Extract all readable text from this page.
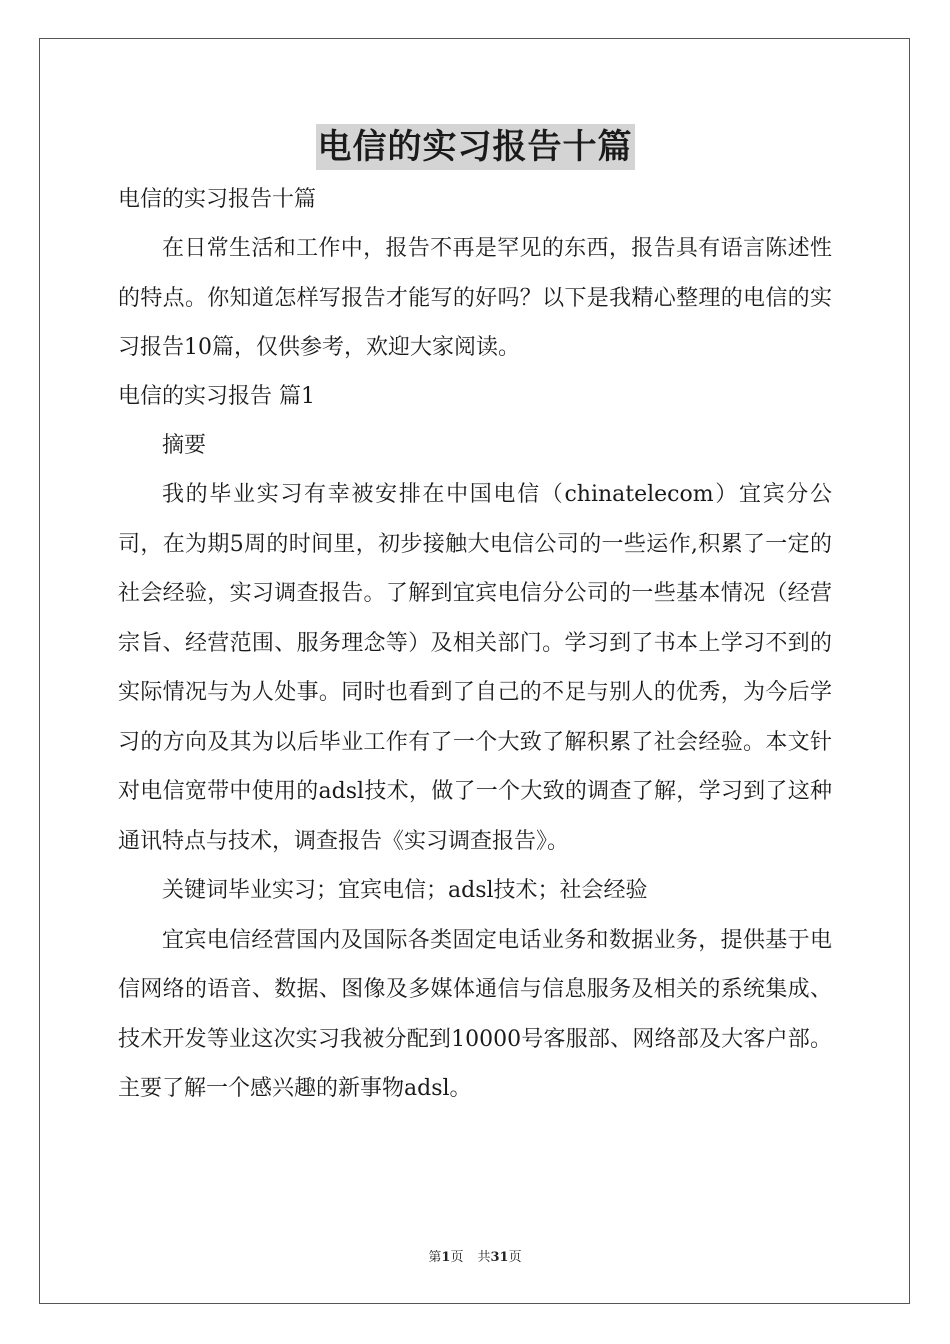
电信的实习报告十篇

电信的实习报告十篇

在日常生活和工作中，报告不再是罕见的东西，报告具有语言陈述性的特点。你知道怎样写报告才能写的好吗？以下是我精心整理的电信的实习报告10篇，仅供参考，欢迎大家阅读。

电信的实习报告 篇1

摘要

我的毕业实习有幸被安排在中国电信（chinatelecom）宜宾分公司，在为期5周的时间里，初步接触大电信公司的一些运作,积累了一定的社会经验，实习调查报告。了解到宜宾电信分公司的一些基本情况（经营宗旨、经营范围、服务理念等）及相关部门。学习到了书本上学习不到的实际情况与为人处事。同时也看到了自己的不足与别人的优秀，为今后学习的方向及其为以后毕业工作有了一个大致了解积累了社会经验。本文针对电信宽带中使用的adsl技术，做了一个大致的调查了解，学习到了这种通讯特点与技术，调查报告《实习调查报告》。

关键词毕业实习；宜宾电信；adsl技术；社会经验

宜宾电信经营国内及国际各类固定电话业务和数据业务，提供基于电信网络的语音、数据、图像及多媒体通信与信息服务及相关的系统集成、技术开发等业这次实习我被分配到10000号客服部、网络部及大客户部。主要了解一个感兴趣的新事物adsl。

第1页 共31页
